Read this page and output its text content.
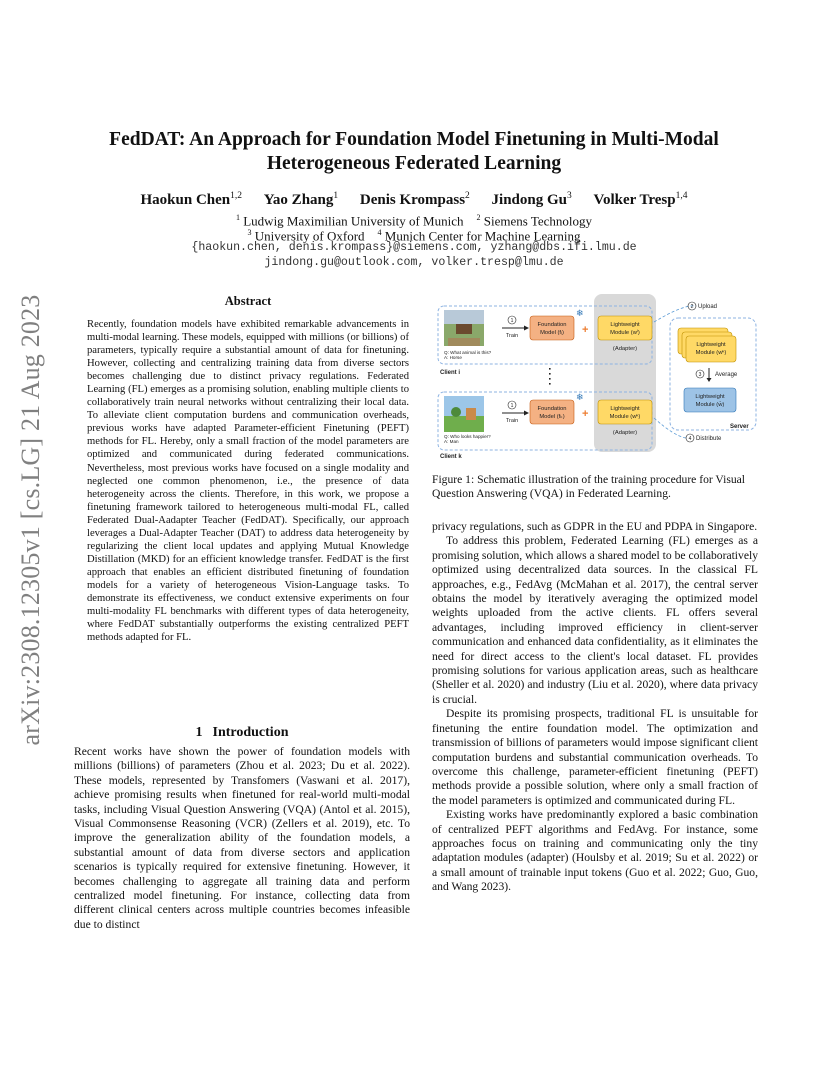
arXiv:2308.12305v1 [cs.LG] 21 Aug 2023
FedDAT: An Approach for Foundation Model Finetuning in Multi-Modal
Heterogeneous Federated Learning
Haokun Chen$^{1,2}$ Yao Zhang$^1$ Denis Krompass$^2$ Jindong Gu$^3$ Volker Tresp$^{1,4}$
$^1$ Ludwig Maximilian University of Munich $^2$ Siemens Technology
$^3$ University of Oxford $^4$ Munich Center for Machine Learning
{haokun.chen, denis.krompass}@siemens.com, yzhang@dbs.ifi.lmu.de
jindong.gu@outlook.com, volker.tresp@lmu.de
Abstract
Recently, foundation models have exhibited remarkable advancements in multi-modal learning. These models, equipped with millions (or billions) of parameters, typically require a substantial amount of data for finetuning. However, collecting and centralizing training data from diverse sectors becomes challenging due to distinct privacy regulations. Federated Learning (FL) emerges as a promising solution, enabling multiple clients to collaboratively train neural networks without centralizing their local data. To alleviate client computation burdens and communication overheads, previous works have adapted Parameter-efficient Finetuning (PEFT) methods for FL. Hereby, only a small fraction of the model parameters are optimized and communicated during federated communications. Nevertheless, most previous works have focused on a single modality and neglected one common phenomenon, i.e., the presence of data heterogeneity across the clients. Therefore, in this work, we propose a finetuning framework tailored to heterogeneous multi-modal FL, called Federated Dual-Aadapter Teacher (FedDAT). Specifically, our approach leverages a Dual-Adapter Teacher (DAT) to address data heterogeneity by regularizing the client local updates and applying Mutual Knowledge Distillation (MKD) for an efficient knowledge transfer. FedDAT is the first approach that enables an efficient distributed finetuning of foundation models for a variety of heterogeneous Vision-Language tasks. To demonstrate its effectiveness, we conduct extensive experiments on four multi-modality FL benchmarks with different types of data heterogeneity, where FedDAT substantially outperforms the existing centralized PEFT methods adapted for FL.
1 Introduction

Recent works have shown the power of foundation models with millions (billions) of parameters (Zhou et al. 2023; Du et al. 2022). These models, represented by Transfomers (Vaswani et al. 2017), achieve promising results when finetuned for real-world multi-modal tasks, including Visual Question Answering (VQA) (Antol et al. 2015), Visual Commonsense Reasoning (VCR) (Zellers et al. 2019), etc. To improve the generalization ability of the foundation models, a substantial amount of data from diverse sectors and application scenarios is typically required for extensive finetuning. However, it becomes challenging to aggregate all training data and perform centralized model finetuning. For instance, collecting data from different clinical centers across multiple countries becomes infeasible due to distinct

privacy regulations, such as GDPR in the EU and PDPA in Singapore.

To address this problem, Federated Learning (FL) emerges as a promising solution, which allows a shared model to be collaboratively optimized using decentralized data sources. In the classical FL approaches, e.g., FedAvg (McMahan et al. 2017), the central server obtains the model by iteratively averaging the optimized model weights uploaded from the active clients. FL offers several advantages, including improved efficiency in client-server communication and enhanced data confidentiality, as it eliminates the need for direct access to the client's local dataset. FL provides promising solutions for various application areas, such as healthcare (Sheller et al. 2020) and industry (Liu et al. 2020), where data privacy is crucial.

Despite its promising prospects, traditional FL is unsuitable for finetuning the entire foundation model. The optimization and transmission of billions of parameters would impose significant client computation burdens and substantial communication overheads. To overcome this challenge, parameter-efficient finetuning (PEFT) methods provide a possible solution, where only a small fraction of the model parameters is optimized and communicated during FL.

Existing works have predominantly explored a basic combination of centralized PEFT algorithms and FedAvg. For instance, some approaches focus on training and communicating only the tiny adaptation modules (adapter) (Houlsby et al. 2019; Su et al. 2022) or a small amount of trainable input tokens (Guo et al. 2022; Guo, Guo, and Wang 2023).

Q: What animal is this?
A: Horse
Client i
Q: Who looks happier?
A: Man
Client k
1
Train
1
Train
Foundation
Model (fᵢ)
Foundation
Model (fₖ)
❄
❄
+
+
Lightweight
Module (wⁱ)
(Adapter)
Lightweight
Module (wᵏ)
(Adapter)
2 Upload
4 Distribute
Lightweight
Module (wᵏ)
3 Average
Lightweight
Module (w̄)
Server
Figure 1: Schematic illustration of the training procedure for Visual Question Answering (VQA) in Federated Learning.
